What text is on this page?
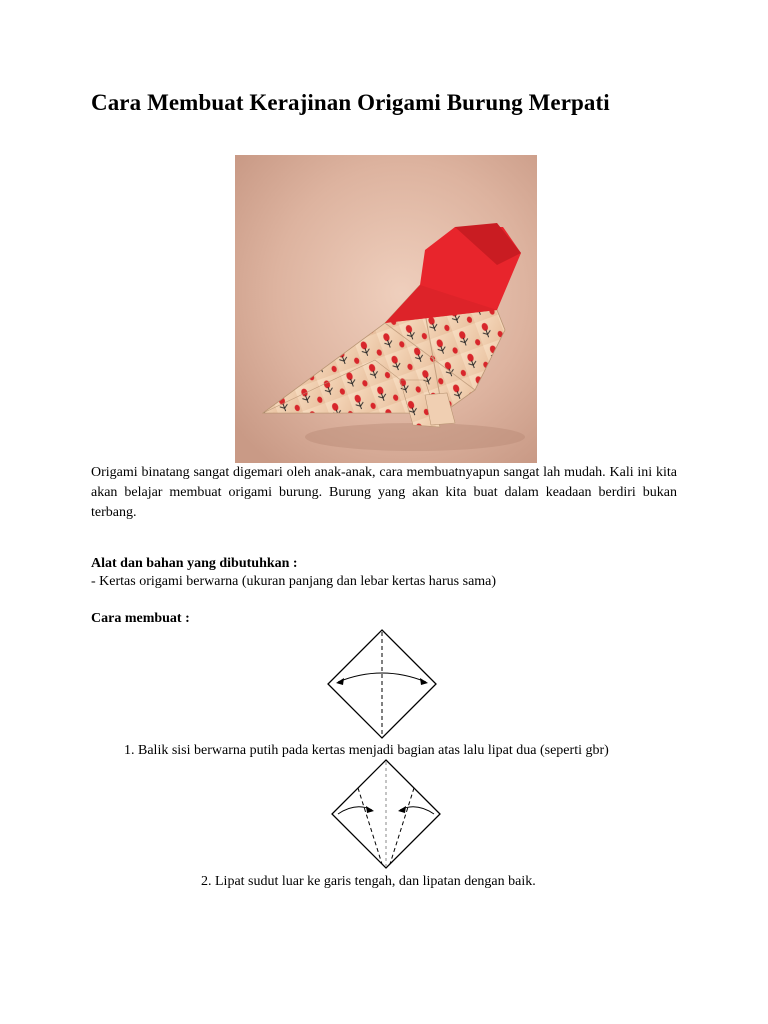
Cara Membuat Kerajinan Origami Burung Merpati

Origami binatang sangat digemari oleh anak-anak, cara membuatnyapun sangat lah mudah. Kali ini kita akan belajar membuat origami burung. Burung yang akan kita buat dalam keadaan berdiri bukan terbang.

Alat dan bahan yang dibutuhkan :

- Kertas origami berwarna (ukuran panjang dan lebar kertas harus sama)

Cara membuat :

1. Balik sisi berwarna putih pada kertas menjadi bagian atas lalu lipat dua (seperti gbr)

2. Lipat sudut luar ke garis tengah, dan lipatan dengan baik.
